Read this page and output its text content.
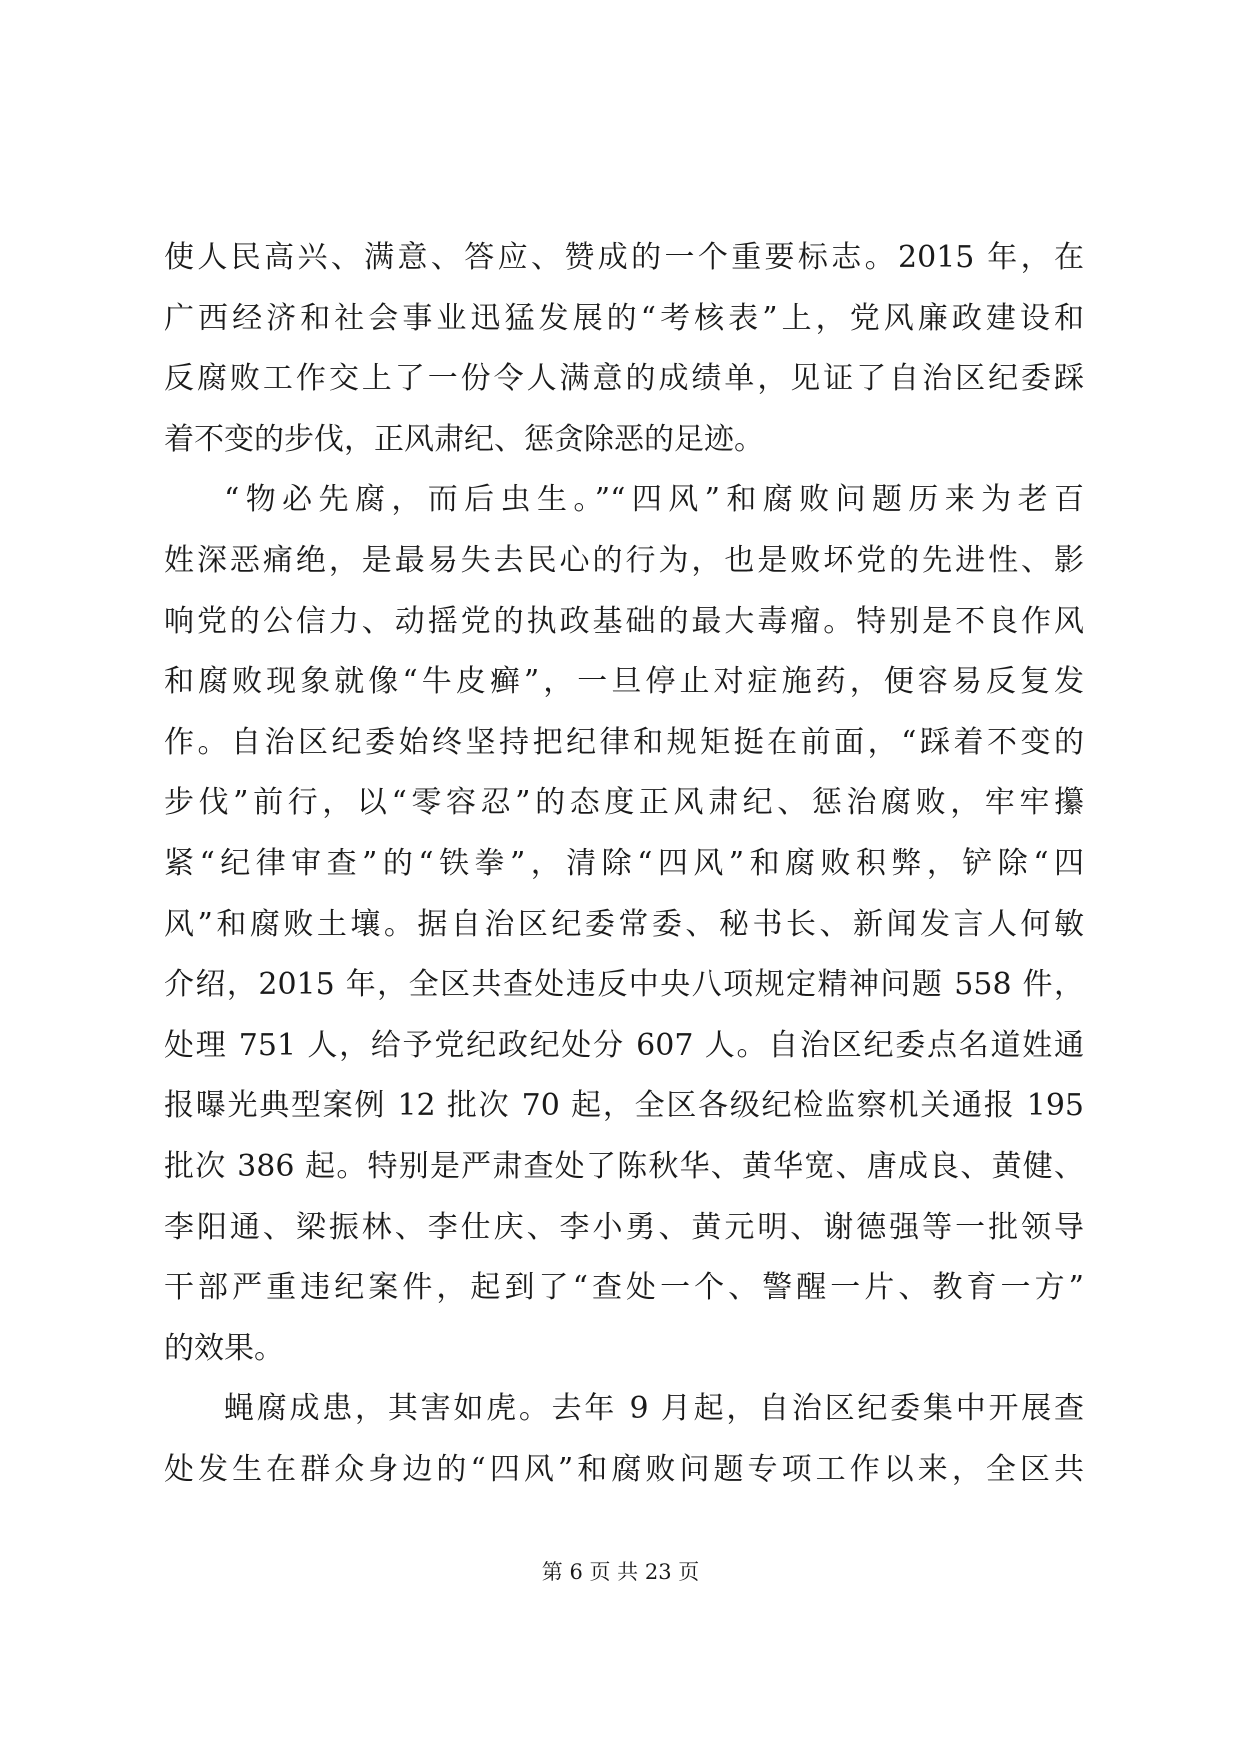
使人民高兴、满意、答应、赞成的一个重要标志。2015 年，在
广西经济和社会事业迅猛发展的“考核表”上，党风廉政建设和
反腐败工作交上了一份令人满意的成绩单，见证了自治区纪委踩
着不变的步伐，正风肃纪、惩贪除恶的足迹。
“物必先腐，而后虫生。”“四风”和腐败问题历来为老百
姓深恶痛绝，是最易失去民心的行为，也是败坏党的先进性、影
响党的公信力、动摇党的执政基础的最大毒瘤。特别是不良作风
和腐败现象就像“牛皮癣”，一旦停止对症施药，便容易反复发
作。自治区纪委始终坚持把纪律和规矩挺在前面，“踩着不变的
步伐”前行，以“零容忍”的态度正风肃纪、惩治腐败，牢牢攥
紧“纪律审查”的“铁拳”，清除“四风”和腐败积弊，铲除“四
风”和腐败土壤。据自治区纪委常委、秘书长、新闻发言人何敏
介绍，2015 年，全区共查处违反中央八项规定精神问题 558 件，
处理 751 人，给予党纪政纪处分 607 人。自治区纪委点名道姓通
报曝光典型案例 12 批次 70 起，全区各级纪检监察机关通报 195
批次 386 起。特别是严肃查处了陈秋华、黄华宽、唐成良、黄健、
李阳通、梁振林、李仕庆、李小勇、黄元明、谢德强等一批领导
干部严重违纪案件，起到了“查处一个、警醒一片、教育一方”
的效果。
蝇腐成患，其害如虎。去年 9 月起，自治区纪委集中开展查
处发生在群众身边的“四风”和腐败问题专项工作以来，全区共
第 6 页 共 23 页
